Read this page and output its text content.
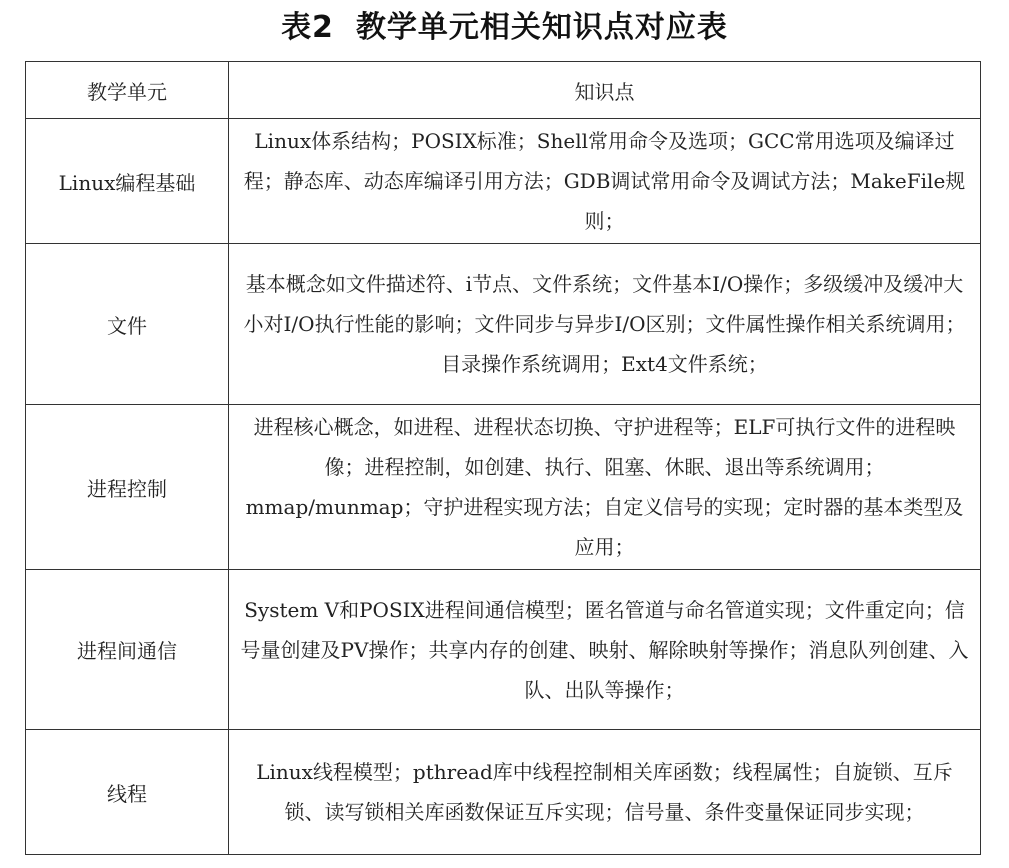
表2 教学单元相关知识点对应表
教学单元	知识点
Linux编程基础	Linux体系结构；POSIX标准；Shell常用命令及选项；GCC常用选项及编译过程；静态库、动态库编译引用方法；GDB调试常用命令及调试方法；MakeFile规则；
文件	基本概念如文件描述符、i节点、文件系统；文件基本I/O操作；多级缓冲及缓冲大小对I/O执行性能的影响；文件同步与异步I/O区别；文件属性操作相关系统调用；目录操作系统调用；Ext4文件系统；
进程控制	进程核心概念，如进程、进程状态切换、守护进程等；ELF可执行文件的进程映像；进程控制，如创建、执行、阻塞、休眠、退出等系统调用；mmap/munmap；守护进程实现方法；自定义信号的实现；定时器的基本类型及应用；
进程间通信	System V和POSIX进程间通信模型；匿名管道与命名管道实现；文件重定向；信号量创建及PV操作；共享内存的创建、映射、解除映射等操作；消息队列创建、入队、出队等操作；
线程	Linux线程模型；pthread库中线程控制相关库函数；线程属性；自旋锁、互斥锁、读写锁相关库函数保证互斥实现；信号量、条件变量保证同步实现；
